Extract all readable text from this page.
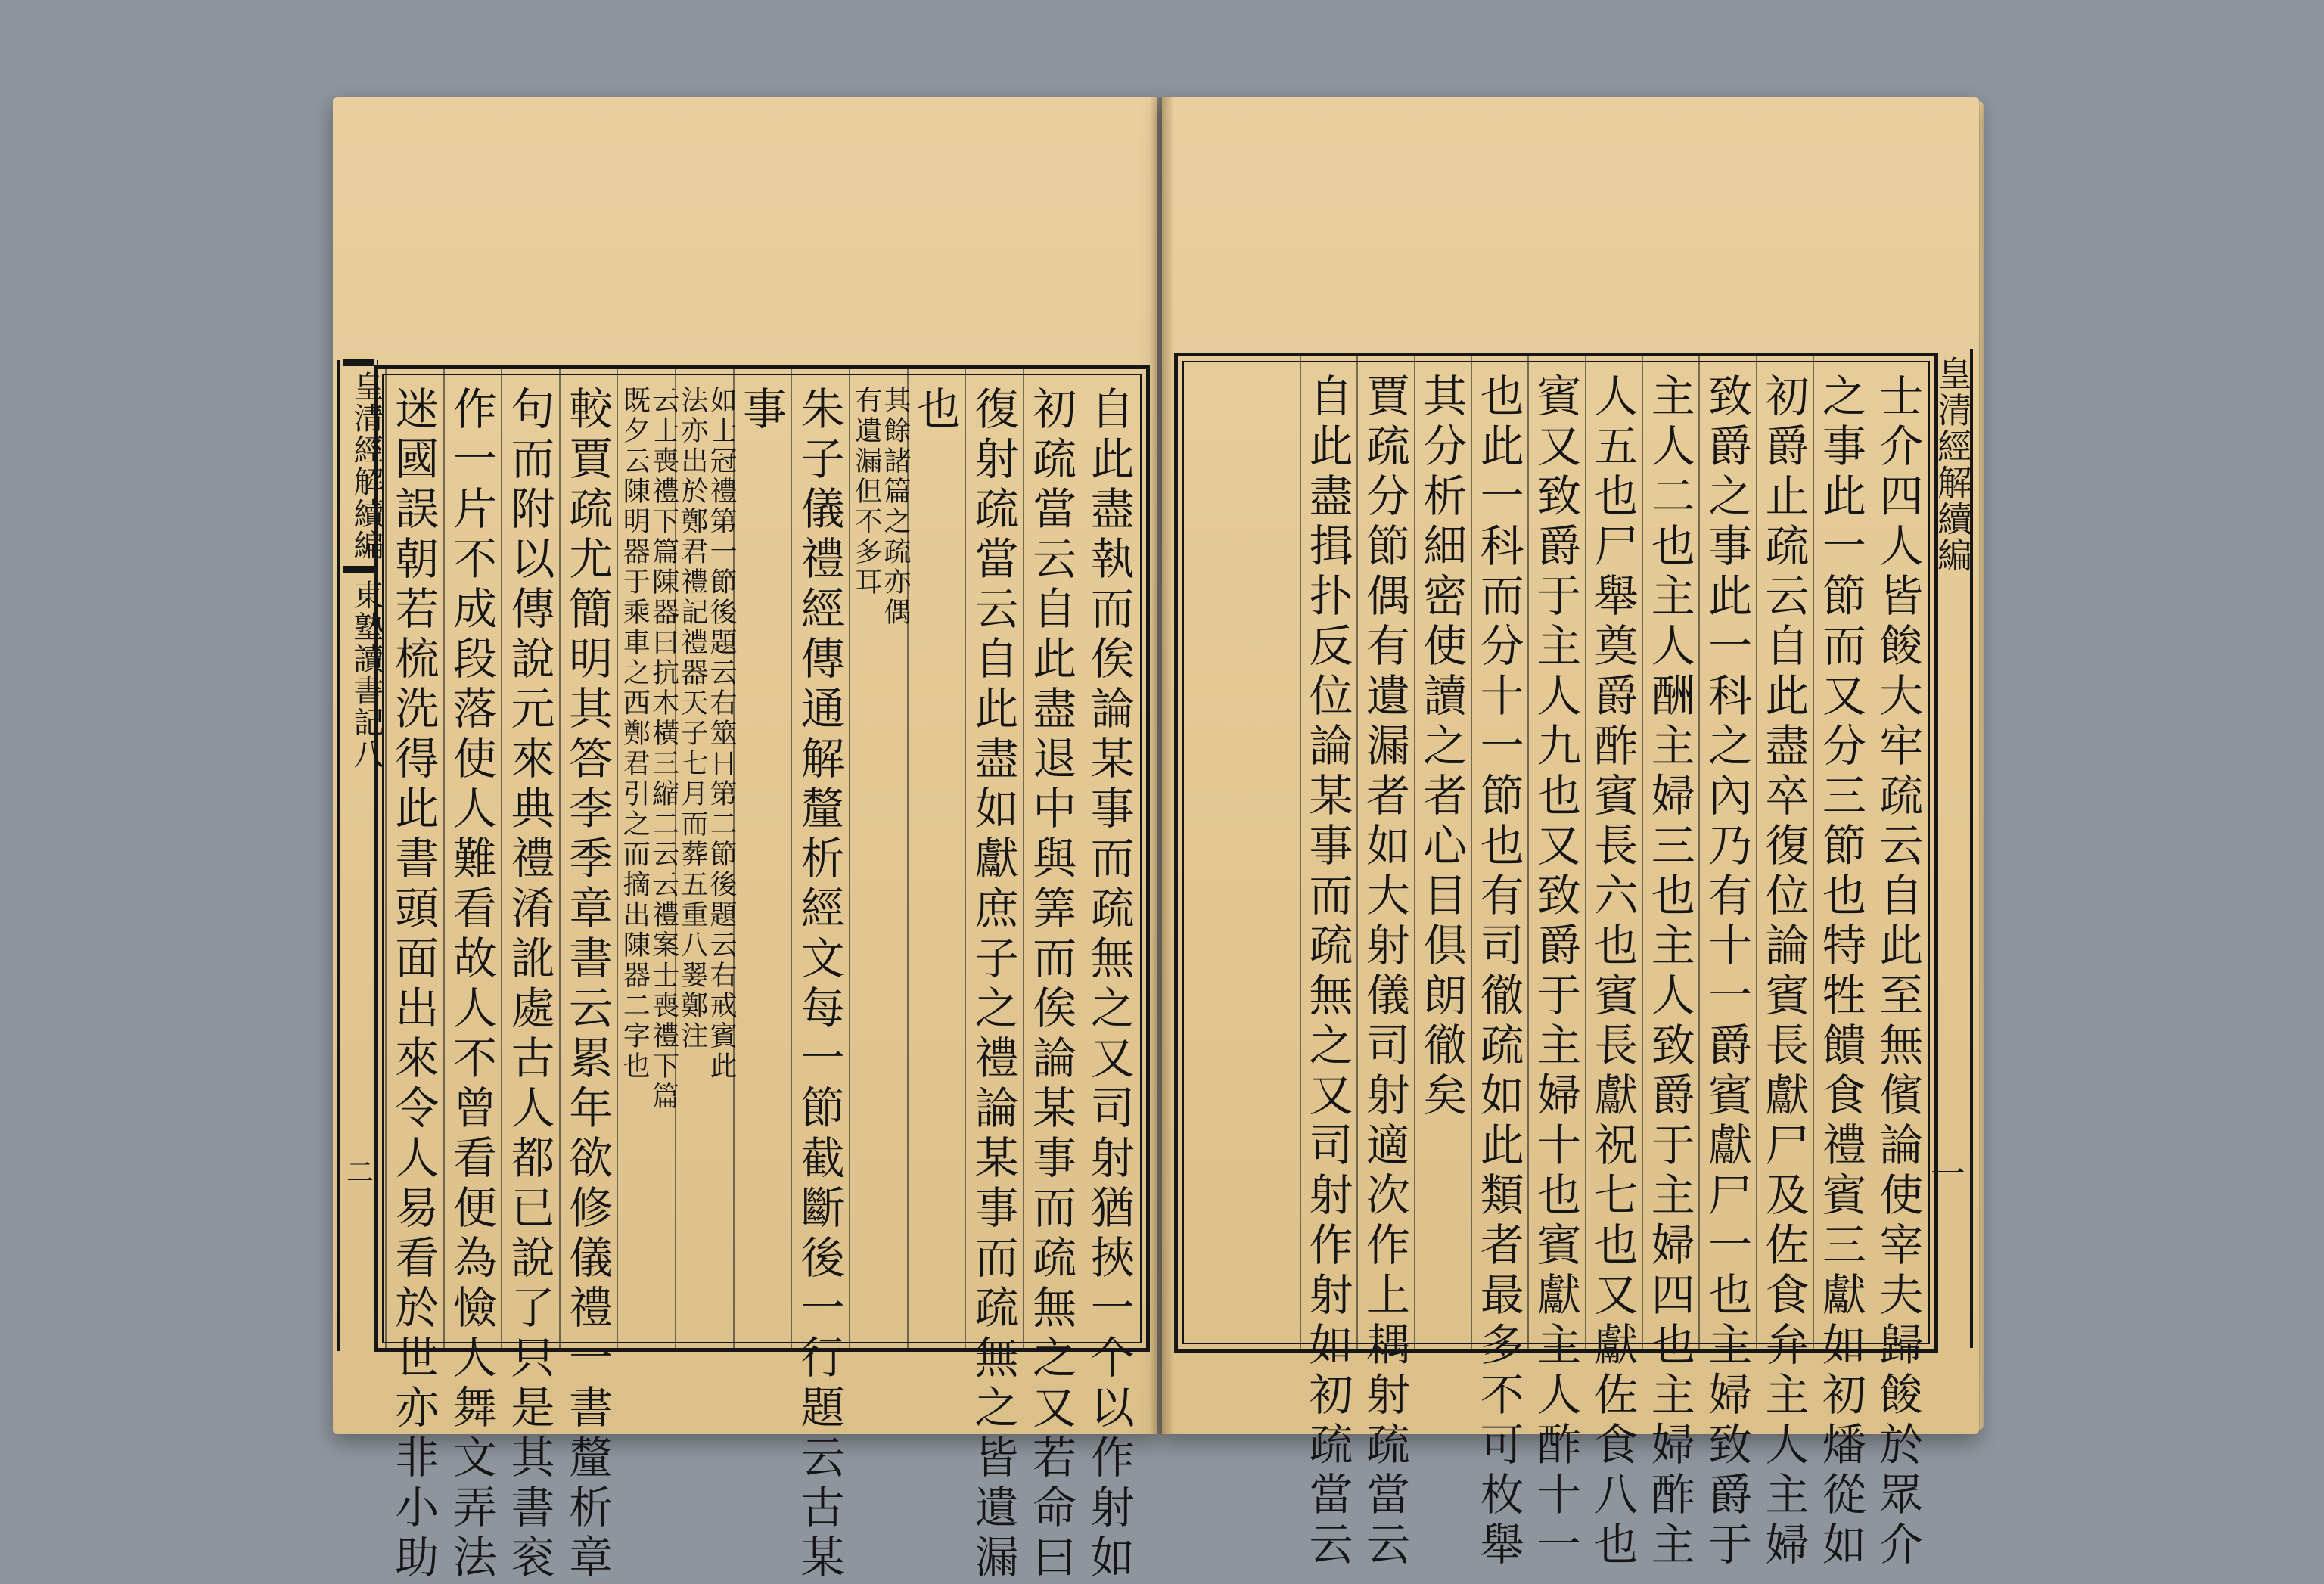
皇清經解續編
東塾讀書記八
二	自此盡執而俟論某事而疏無之又司射猶挾一个以作射如
初疏當云自此盡退中與筭而俟論某事而疏無之又若命曰
復射疏當云自此盡如獻庶子之禮論某事而疏無之皆遺漏
也
其餘諸篇之疏亦偶
有遺漏但不多耳
朱子儀禮經傳通解釐析經文每一節截斷後一行題云古某
事
如士冠禮第一節後題云右筮日第二節後題云右戒賓此
法亦出於鄭君禮記禮器天子七月而葬五重八翣鄭注
云士喪禮下篇陳器曰抗木橫三縮二云云禮案士喪禮下篇
既夕云陳明器于乘車之西鄭君引之而摘出陳器二字也
較賈疏尤簡明其答李季章書云累年欲修儀禮一書釐析章
句而附以傳說元來典禮淆訛處古人都已說了只是其書衮
作一片不成段落使人難看故人不曾看便為憸人舞文弄法
迷國誤朝若梳洗得此書頭面出來令人易看於世亦非小助	皇清經解續編
一
士介四人皆餕大牢疏云自此至無儐論使宰夫歸餕於眾介
之事此一節而又分三節也特牲饋食禮賓三獻如初燔從如
初爵止疏云自此盡卒復位論賓長獻尸及佐食弁主人主婦
致爵之事此一科之內乃有十一爵賓獻尸一也主婦致爵于
主人二也主人酬主婦三也主人致爵于主婦四也主婦酢主
人五也尸舉奠爵酢賓長六也賓長獻祝七也又獻佐食八也
賓又致爵于主人九也又致爵于主婦十也賓獻主人酢十一
也此一科而分十一節也有司徹疏如此類者最多不可枚舉
其分析細密使讀之者心目俱朗徹矣
賈疏分節偶有遺漏者如大射儀司射適次作上耦射疏當云
自此盡揖扑反位論某事而疏無之又司射作射如初疏當云
